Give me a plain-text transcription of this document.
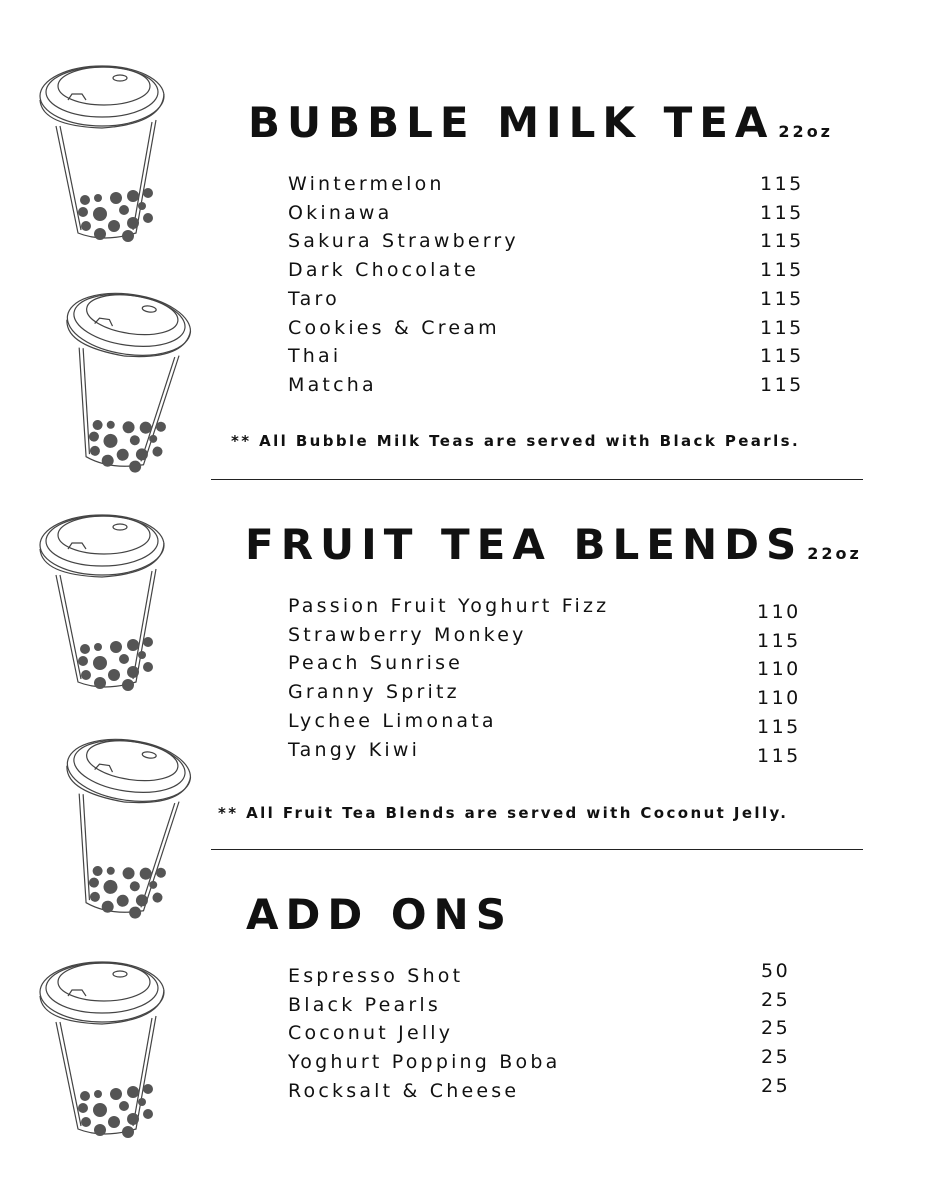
BUBBLE MILK TEA 22oz
** All Bubble Milk Teas are served with Black Pearls.
FRUIT TEA BLENDS 22oz
** All Fruit Tea Blends are served with Coconut Jelly.
ADD ONS
Wintermelon	115
Okinawa	115
Sakura Strawberry	115
Dark Chocolate	115
Taro	115
Cookies & Cream	115
Thai	115
Matcha	115
Passion Fruit Yoghurt Fizz	110
Strawberry Monkey	115
Peach Sunrise	110
Granny Spritz	110
Lychee Limonata	115
Tangy Kiwi	115
Espresso Shot	50
Black Pearls	25
Coconut Jelly	25
Yoghurt Popping Boba	25
Rocksalt & Cheese	25
